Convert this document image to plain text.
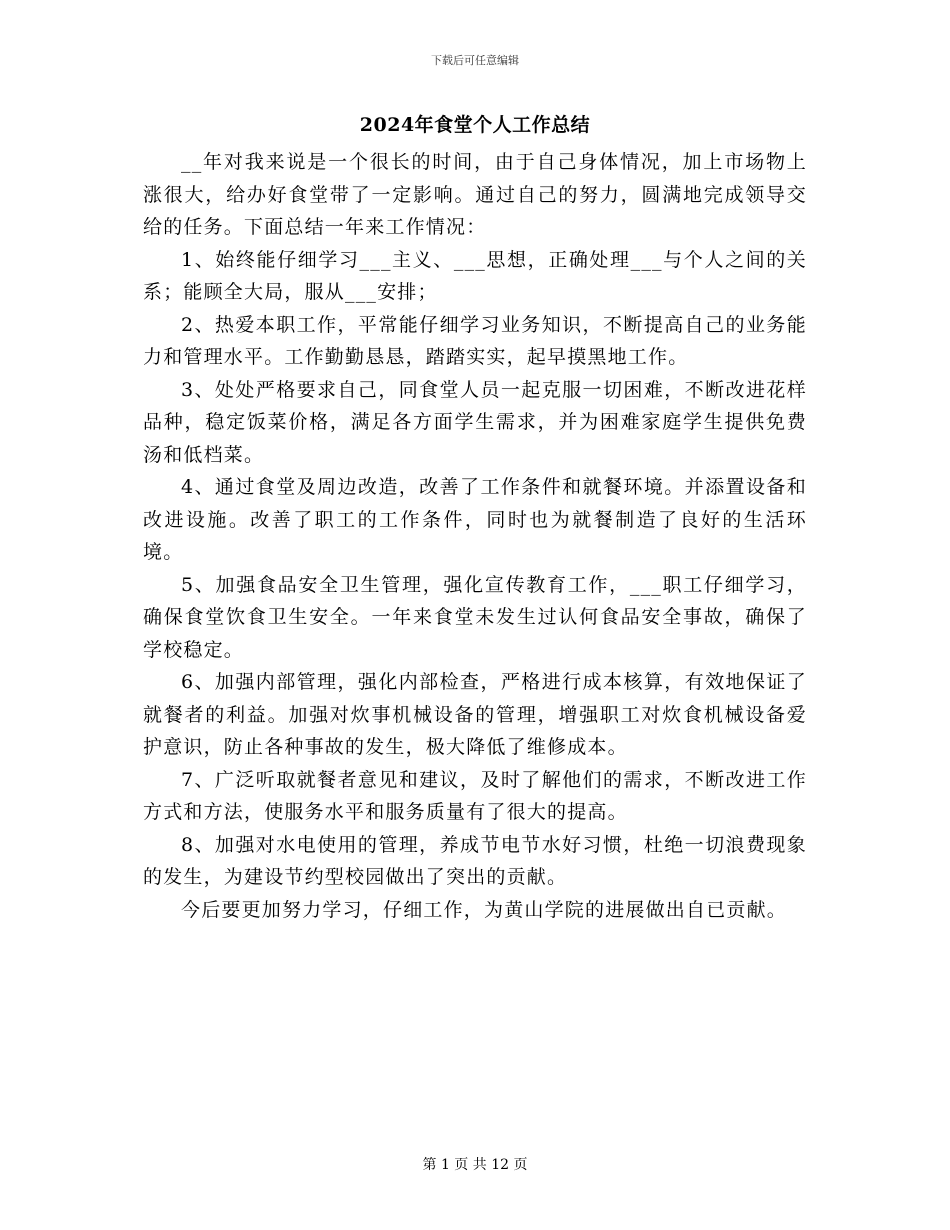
下载后可任意编辑
2024年食堂个人工作总结

__年对我来说是一个很长的时间，由于自己身体情况，加上市场物上涨很大，给办好食堂带了一定影响。通过自己的努力，圆满地完成领导交给的任务。下面总结一年来工作情况：

1、始终能仔细学习___主义、___思想，正确处理___与个人之间的关系；能顾全大局，服从___安排；

2、热爱本职工作，平常能仔细学习业务知识，不断提高自己的业务能力和管理水平。工作勤勤恳恳，踏踏实实，起早摸黑地工作。

3、处处严格要求自己，同食堂人员一起克服一切困难，不断改进花样品种，稳定饭菜价格，满足各方面学生需求，并为困难家庭学生提供免费汤和低档菜。

4、通过食堂及周边改造，改善了工作条件和就餐环境。并添置设备和改进设施。改善了职工的工作条件，同时也为就餐制造了良好的生活环境。

5、加强食品安全卫生管理，强化宣传教育工作，___职工仔细学习，确保食堂饮食卫生安全。一年来食堂未发生过认何食品安全事故，确保了学校稳定。

6、加强内部管理，强化内部检查，严格进行成本核算，有效地保证了就餐者的利益。加强对炊事机械设备的管理，增强职工对炊食机械设备爱护意识，防止各种事故的发生，极大降低了维修成本。

7、广泛听取就餐者意见和建议，及时了解他们的需求，不断改进工作方式和方法，使服务水平和服务质量有了很大的提高。

8、加强对水电使用的管理，养成节电节水好习惯，杜绝一切浪费现象的发生，为建设节约型校园做出了突出的贡献。

今后要更加努力学习，仔细工作，为黄山学院的进展做出自已贡献。

第 1 页 共 12 页
